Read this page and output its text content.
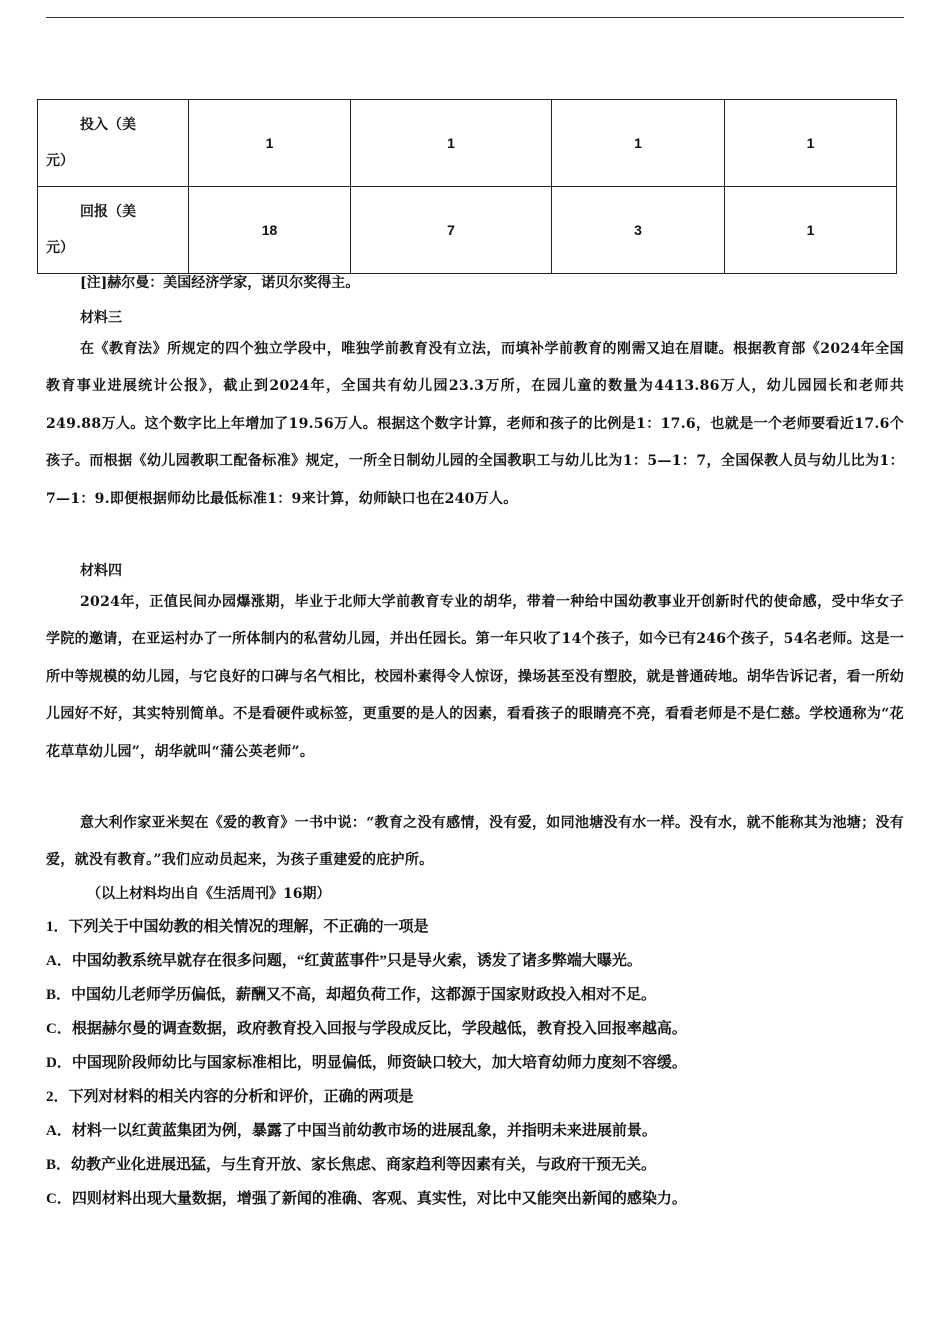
投入（美
元）	1	1	1	1

回报（美
元）	18	7	3	1

[注]赫尔曼：美国经济学家，诺贝尔奖得主。

材料三

在《教育法》所规定的四个独立学段中，唯独学前教育没有立法，而填补学前教育的刚需又迫在眉睫。根据教育部《2024年全国教育事业进展统计公报》，截止到2024年，全国共有幼儿园23.3万所，在园儿童的数量为4413.86万人，幼儿园园长和老师共249.88万人。这个数字比上年增加了19.56万人。根据这个数字计算，老师和孩子的比例是1：17.6，也就是一个老师要看近17.6个孩子。而根据《幼儿园教职工配备标准》规定，一所全日制幼儿园的全国教职工与幼儿比为1：5—1：7，全国保教人员与幼儿比为1：7—1：9.即便根据师幼比最低标准1：9来计算，幼师缺口也在240万人。

材料四

2024年，正值民间办园爆涨期，毕业于北师大学前教育专业的胡华，带着一种给中国幼教事业开创新时代的使命感，受中华女子学院的邀请，在亚运村办了一所体制内的私营幼儿园，并出任园长。第一年只收了14个孩子，如今已有246个孩子，54名老师。这是一所中等规模的幼儿园，与它良好的口碑与名气相比，校园朴素得令人惊讶，操场甚至没有塑胶，就是普通砖地。胡华告诉记者，看一所幼儿园好不好，其实特别简单。不是看硬件或标签，更重要的是人的因素，看看孩子的眼睛亮不亮，看看老师是不是仁慈。学校通称为“花花草草幼儿园”，胡华就叫“蒲公英老师”。

意大利作家亚米契在《爱的教育》一书中说：“教育之没有感情，没有爱，如同池塘没有水一样。没有水，就不能称其为池塘；没有爱，就没有教育。”我们应动员起来，为孩子重建爱的庇护所。

（以上材料均出自《生活周刊》16期）

1．下列关于中国幼教的相关情况的理解，不正确的一项是

A．中国幼教系统早就存在很多问题，“红黄蓝事件”只是导火索，诱发了诸多弊端大曝光。

B．中国幼儿老师学历偏低，薪酬又不高，却超负荷工作，这都源于国家财政投入相对不足。

C．根据赫尔曼的调查数据，政府教育投入回报与学段成反比，学段越低，教育投入回报率越高。

D．中国现阶段师幼比与国家标准相比，明显偏低，师资缺口较大，加大培育幼师力度刻不容缓。

2．下列对材料的相关内容的分析和评价，正确的两项是

A．材料一以红黄蓝集团为例，暴露了中国当前幼教市场的进展乱象，并指明未来进展前景。

B．幼教产业化进展迅猛，与生育开放、家长焦虑、商家趋利等因素有关，与政府干预无关。

C．四则材料出现大量数据，增强了新闻的准确、客观、真实性，对比中又能突出新闻的感染力。
